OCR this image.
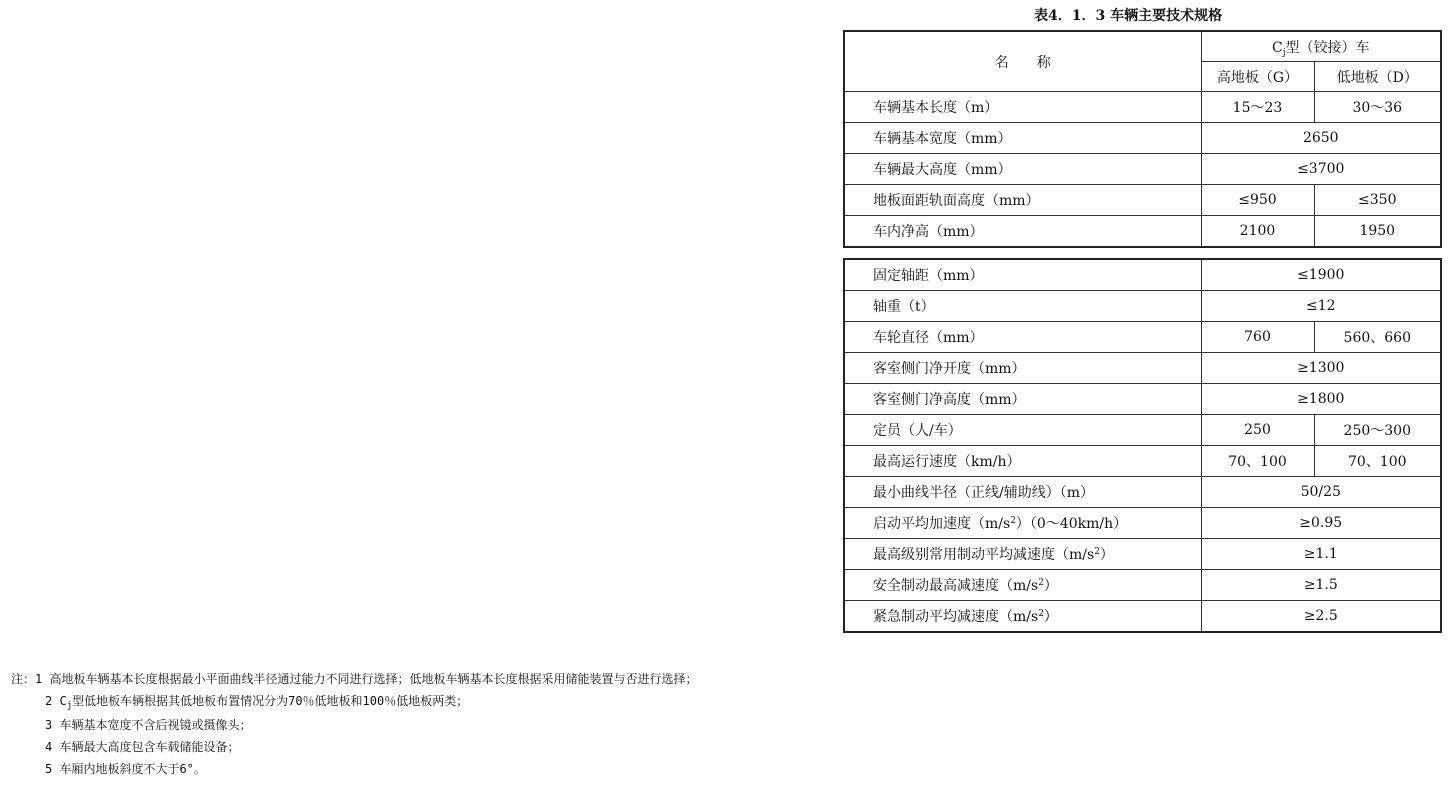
表4．1．3 车辆主要技术规格
名　　称	$C_j$型（铰接）车	
	高地板（G）	低地板（D）
车辆基本长度（m）	15～23	30～36
车辆基本宽度（mm）	2650	
车辆最大高度（mm）	≤3700	
地板面距轨面高度（mm）	≤950	≤350
车内净高（mm）	2100	1950
固定轴距（mm）	≤1900	
轴重（t）	≤12	
车轮直径（mm）	760	560、660
客室侧门净开度（mm）	≥1300	
客室侧门净高度（mm）	≥1800	
定员（人/车）	250	250～300
最高运行速度（km/h）	70、100	70、100
最小曲线半径（正线/辅助线）（m）	50/25	
启动平均加速度$(m/s^2)(0\sim 40km/h)$	≥0.95	
最高级别常用制动平均减速度$(m/s^2)$	≥1.1	
安全制动最高减速度$(m/s^2)$	≥1.5	
紧急制动平均减速度$(m/s^2)$	≥2.5	
注：1 高地板车辆基本长度根据最小平面曲线半径通过能力不同进行选择；低地板车辆基本长度根据采用储能装置与否进行选择；
2 $C_j$型低地板车辆根据其低地板布置情况分为70％低地板和100％低地板两类；
3 车辆基本宽度不含后视镜或摄像头；
4 车辆最大高度包含车载储能设备；
5 车厢内地板斜度不大于6°。
